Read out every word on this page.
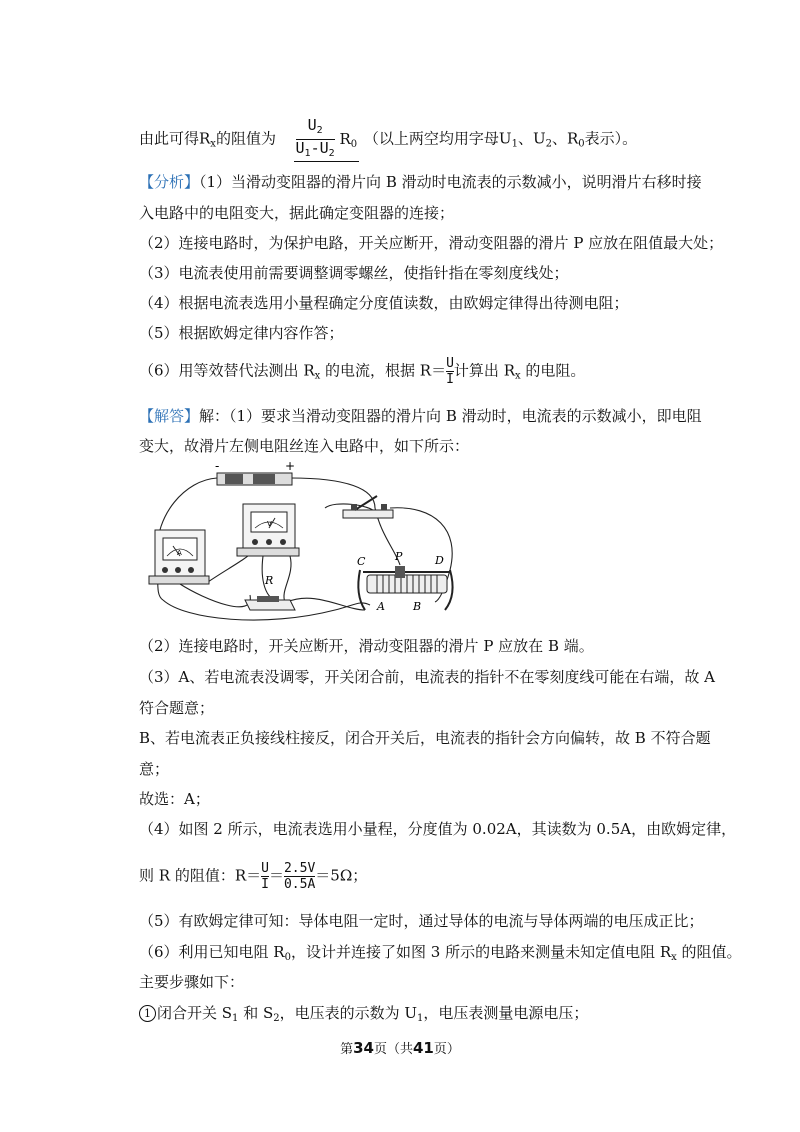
由此可得$R_x$的阻值为 $\frac{U_2}{U_1-U_2} R_0$ （以上两空均用字母$U_1$、$U_2$、$R_0$表示）。
【分析】（1）当滑动变阻器的滑片向 B 滑动时电流表的示数减小，说明滑片右移时接
入电路中的电阻变大，据此确定变阻器的连接；
（2）连接电路时，为保护电路，开关应断开，滑动变阻器的滑片 P 应放在阻值最大处；
（3）电流表使用前需要调整调零螺丝，使指针指在零刻度线处；
（4）根据电流表选用小量程确定分度值读数，由欧姆定律得出待测电阻；
（5）根据欧姆定律内容作答；
（6）用等效替代法测出 $R_x$ 的电流，根据 $R= \frac{U}{I}$ 计算出 $R_x$ 的电阻。
【解答】解：（1）要求当滑动变阻器的滑片向 B 滑动时，电流表的示数减小，即电阻
变大，故滑片左侧电阻丝连入电路中，如下所示：
-	+
A
V
R
C	P	D
A	B
（2）连接电路时，开关应断开，滑动变阻器的滑片 P 应放在 B 端。
（3）A、若电流表没调零，开关闭合前，电流表的指针不在零刻度线可能在右端，故 A
符合题意；
B、若电流表正负接线柱接反，闭合开关后，电流表的指针会方向偏转，故 B 不符合题
意；
故选：A；
（4）如图 2 所示，电流表选用小量程，分度值为 0.02A，其读数为 0.5A，由欧姆定律，
则 R 的阻值：$R= \frac{U}{I} = \frac{2.5V}{0.5A} =5\Omega$；
（5）有欧姆定律可知：导体电阻一定时，通过导体的电流与导体两端的电压成正比；
（6）利用已知电阻 $R_0$，设计并连接了如图 3 所示的电路来测量未知定值电阻 $R_x$ 的阻值。
主要步骤如下：
1 闭合开关 $S_1$ 和 $S_2$，电压表的示数为 $U_1$，电压表测量电源电压；
第34页（共41页）
